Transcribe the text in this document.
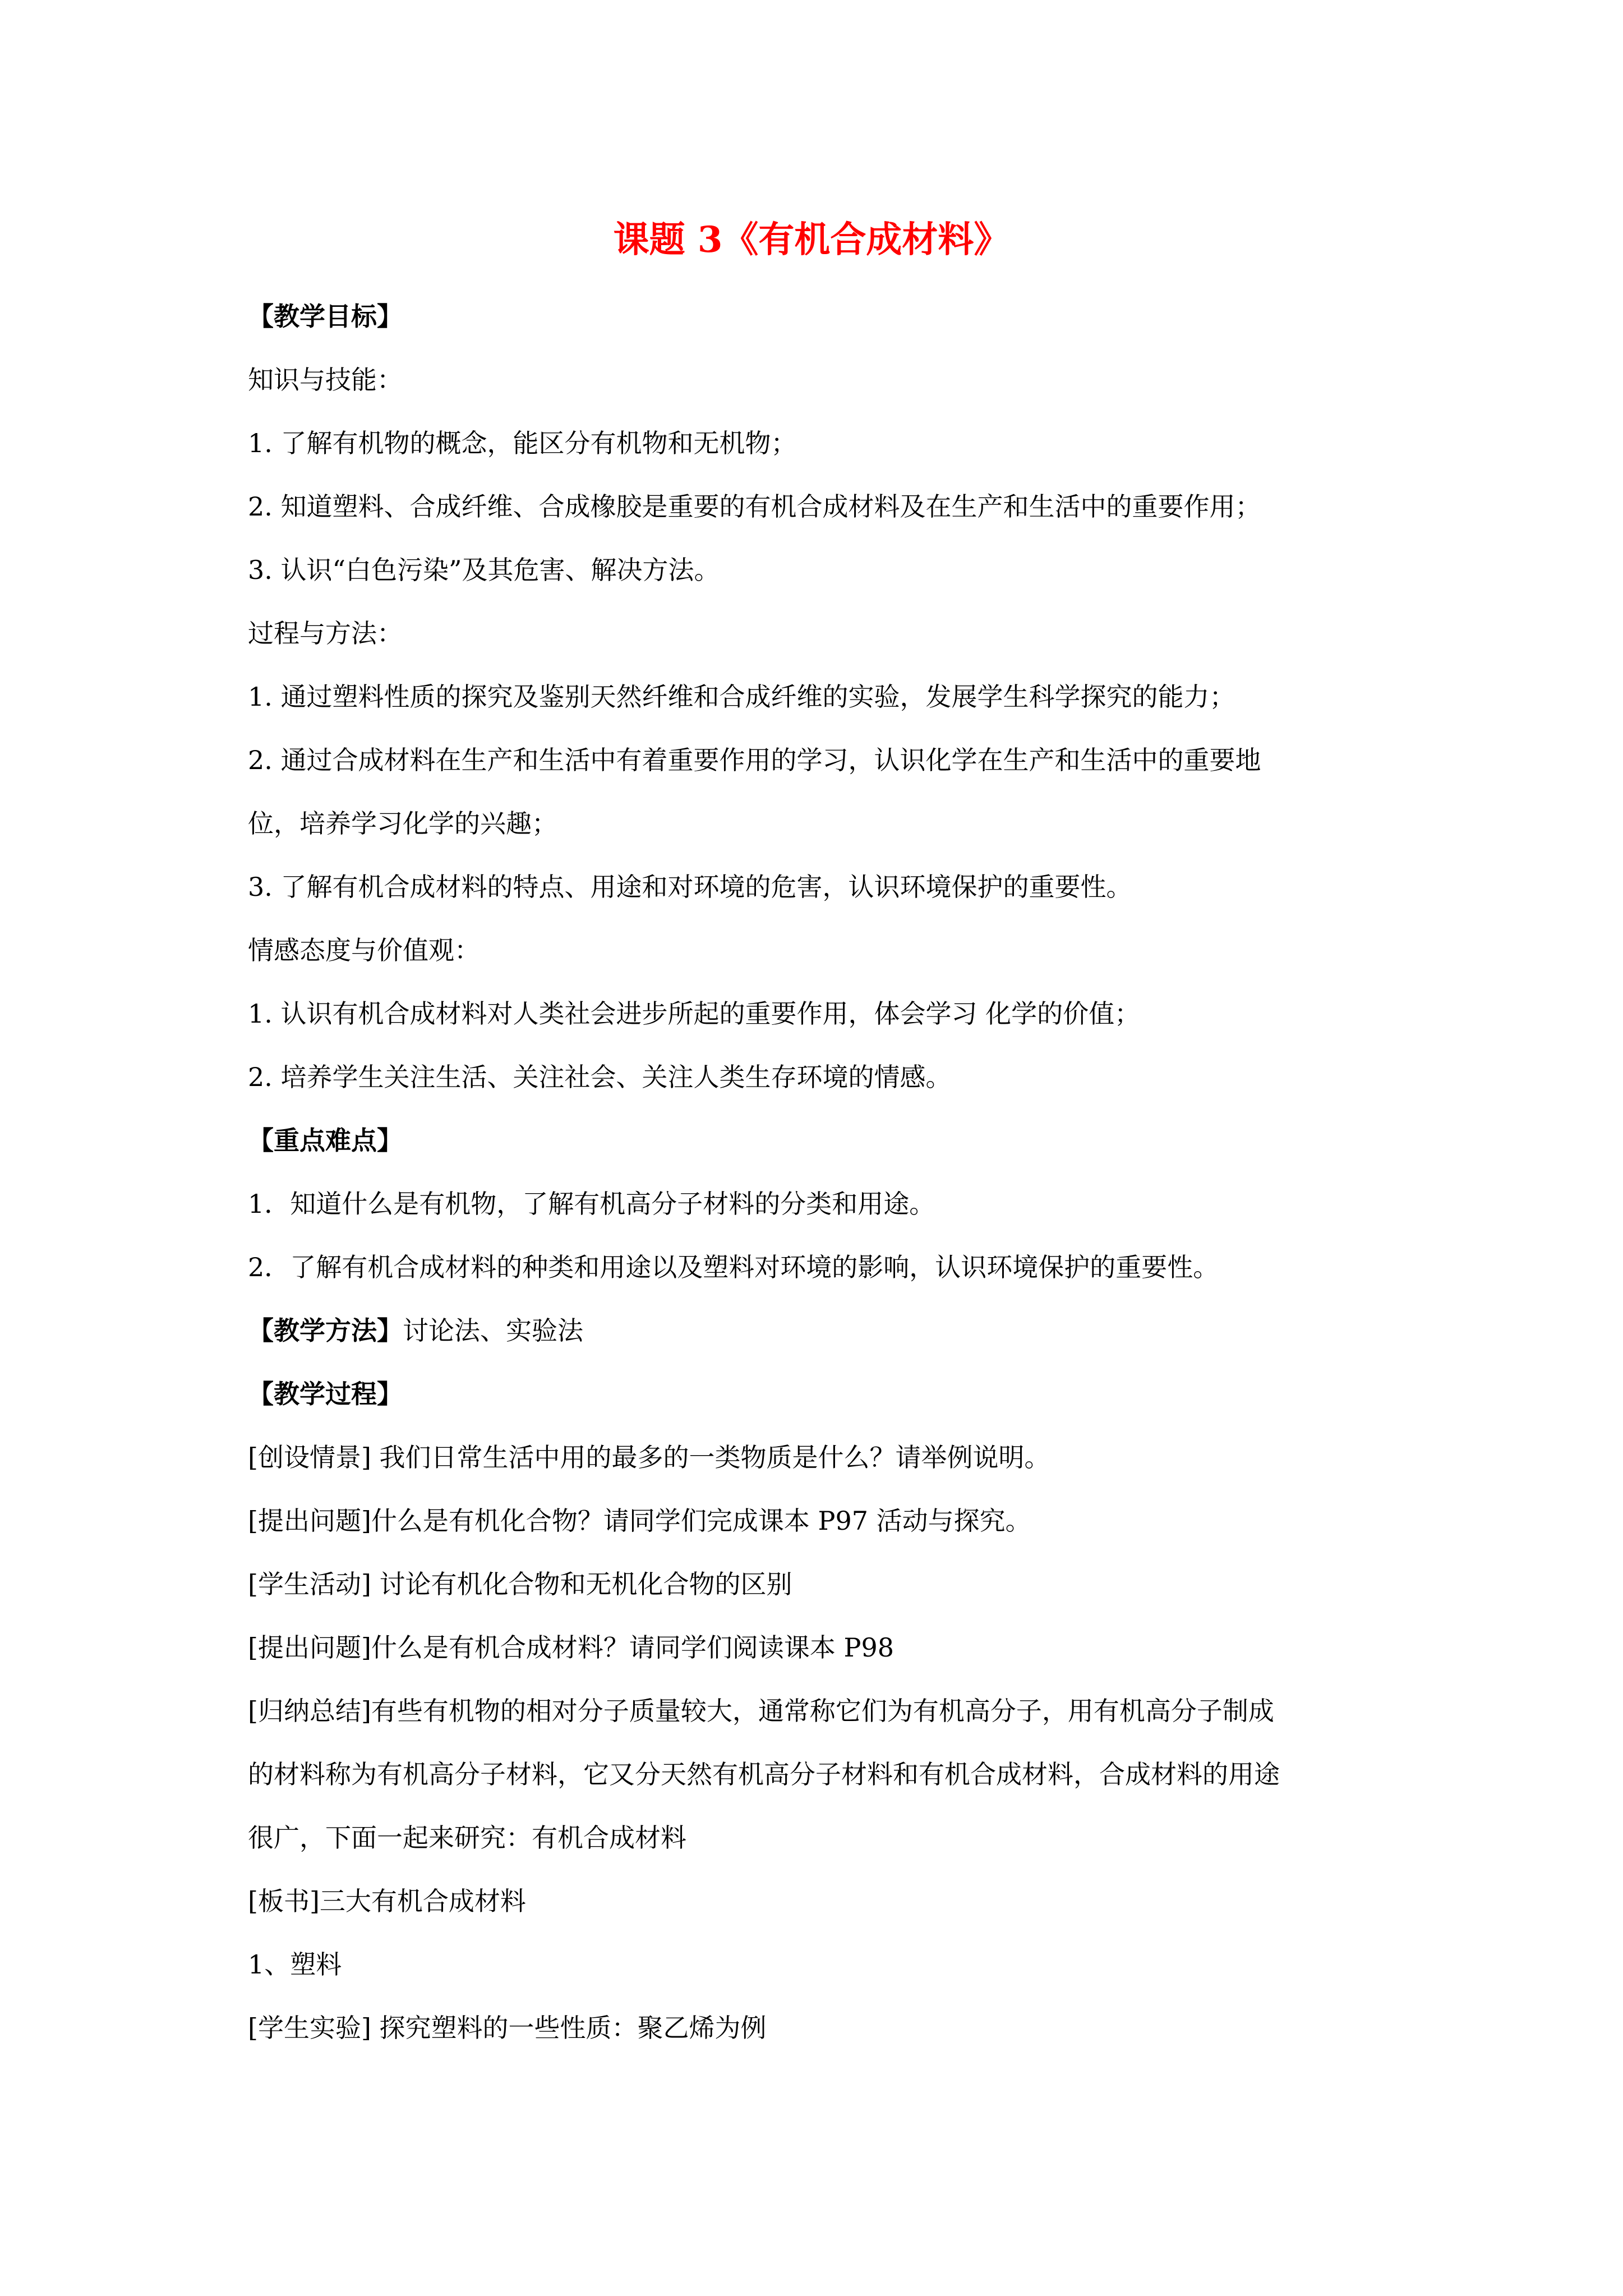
课题 3《有机合成材料》
【教学目标】
知识与技能：
1. 了解有机物的概念，能区分有机物和无机物；
2. 知道塑料、合成纤维、合成橡胶是重要的有机合成材料及在生产和生活中的重要作用；
3. 认识“白色污染”及其危害、解决方法。
过程与方法：
1. 通过塑料性质的探究及鉴别天然纤维和合成纤维的实验，发展学生科学探究的能力；
2. 通过合成材料在生产和生活中有着重要作用的学习，认识化学在生产和生活中的重要地
位，培养学习化学的兴趣；
3. 了解有机合成材料的特点、用途和对环境的危害，认识环境保护的重要性。
情感态度与价值观：
1. 认识有机合成材料对人类社会进步所起的重要作用，体会学习 化学的价值；
2. 培养学生关注生活、关注社会、关注人类生存环境的情感。
【重点难点】
1．知道什么是有机物，了解有机高分子材料的分类和用途。
2．了解有机合成材料的种类和用途以及塑料对环境的影响，认识环境保护的重要性。
【教学方法】讨论法、实验法
【教学过程】
[创设情景] 我们日常生活中用的最多的一类物质是什么？请举例说明。
[提出问题]什么是有机化合物？请同学们完成课本 P97 活动与探究。
[学生活动] 讨论有机化合物和无机化合物的区别
[提出问题]什么是有机合成材料？请同学们阅读课本 P98
[归纳总结]有些有机物的相对分子质量较大，通常称它们为有机高分子，用有机高分子制成
的材料称为有机高分子材料，它又分天然有机高分子材料和有机合成材料，合成材料的用途
很广，下面一起来研究：有机合成材料
[板书]三大有机合成材料
1、塑料
[学生实验] 探究塑料的一些性质：聚乙烯为例
